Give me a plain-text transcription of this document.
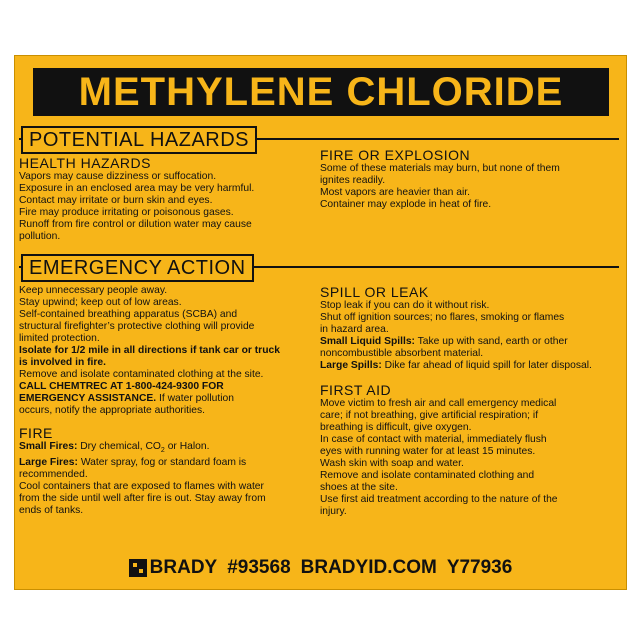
METHYLENE CHLORIDE
POTENTIAL HAZARDS

HEALTH HAZARDS

Vapors may cause dizziness or suffocation.

Exposure in an enclosed area may be very harmful.

Contact may irritate or burn skin and eyes.

Fire may produce irritating or poisonous gases.

Runoff from fire control or dilution water may cause

pollution.

FIRE OR EXPLOSION

Some of these materials may burn, but none of them

ignites readily.

Most vapors are heavier than air.

Container may explode in heat of fire.

EMERGENCY ACTION

Keep unnecessary people away.

Stay upwind; keep out of low areas.

Self-contained breathing apparatus (SCBA) and

structural firefighter’s protective clothing will provide

limited protection.

Isolate for 1/2 mile in all directions if tank car or truck

is involved in fire.

Remove and isolate contaminated clothing at the site.

CALL CHEMTREC AT 1-800-424-9300 FOR

EMERGENCY ASSISTANCE. If water pollution

occurs, notify the appropriate authorities.

FIRE

Small Fires: Dry chemical, $CO_2$ or Halon.

Large Fires: Water spray, fog or standard foam is

recommended.

Cool containers that are exposed to flames with water

from the side until well after fire is out. Stay away from

ends of tanks.

SPILL OR LEAK

Stop leak if you can do it without risk.

Shut off ignition sources; no flares, smoking or flames

in hazard area.

Small Liquid Spills: Take up with sand, earth or other

noncombustible absorbent material.

Large Spills: Dike far ahead of liquid spill for later disposal.

FIRST AID

Move victim to fresh air and call emergency medical

care; if not breathing, give artificial respiration; if

breathing is difficult, give oxygen.

In case of contact with material, immediately flush

eyes with running water for at least 15 minutes.

Wash skin with soap and water.

Remove and isolate contaminated clothing and

shoes at the site.

Use first aid treatment according to the nature of the

injury.

BRADY #93568 BRADYID.COM Y77936
